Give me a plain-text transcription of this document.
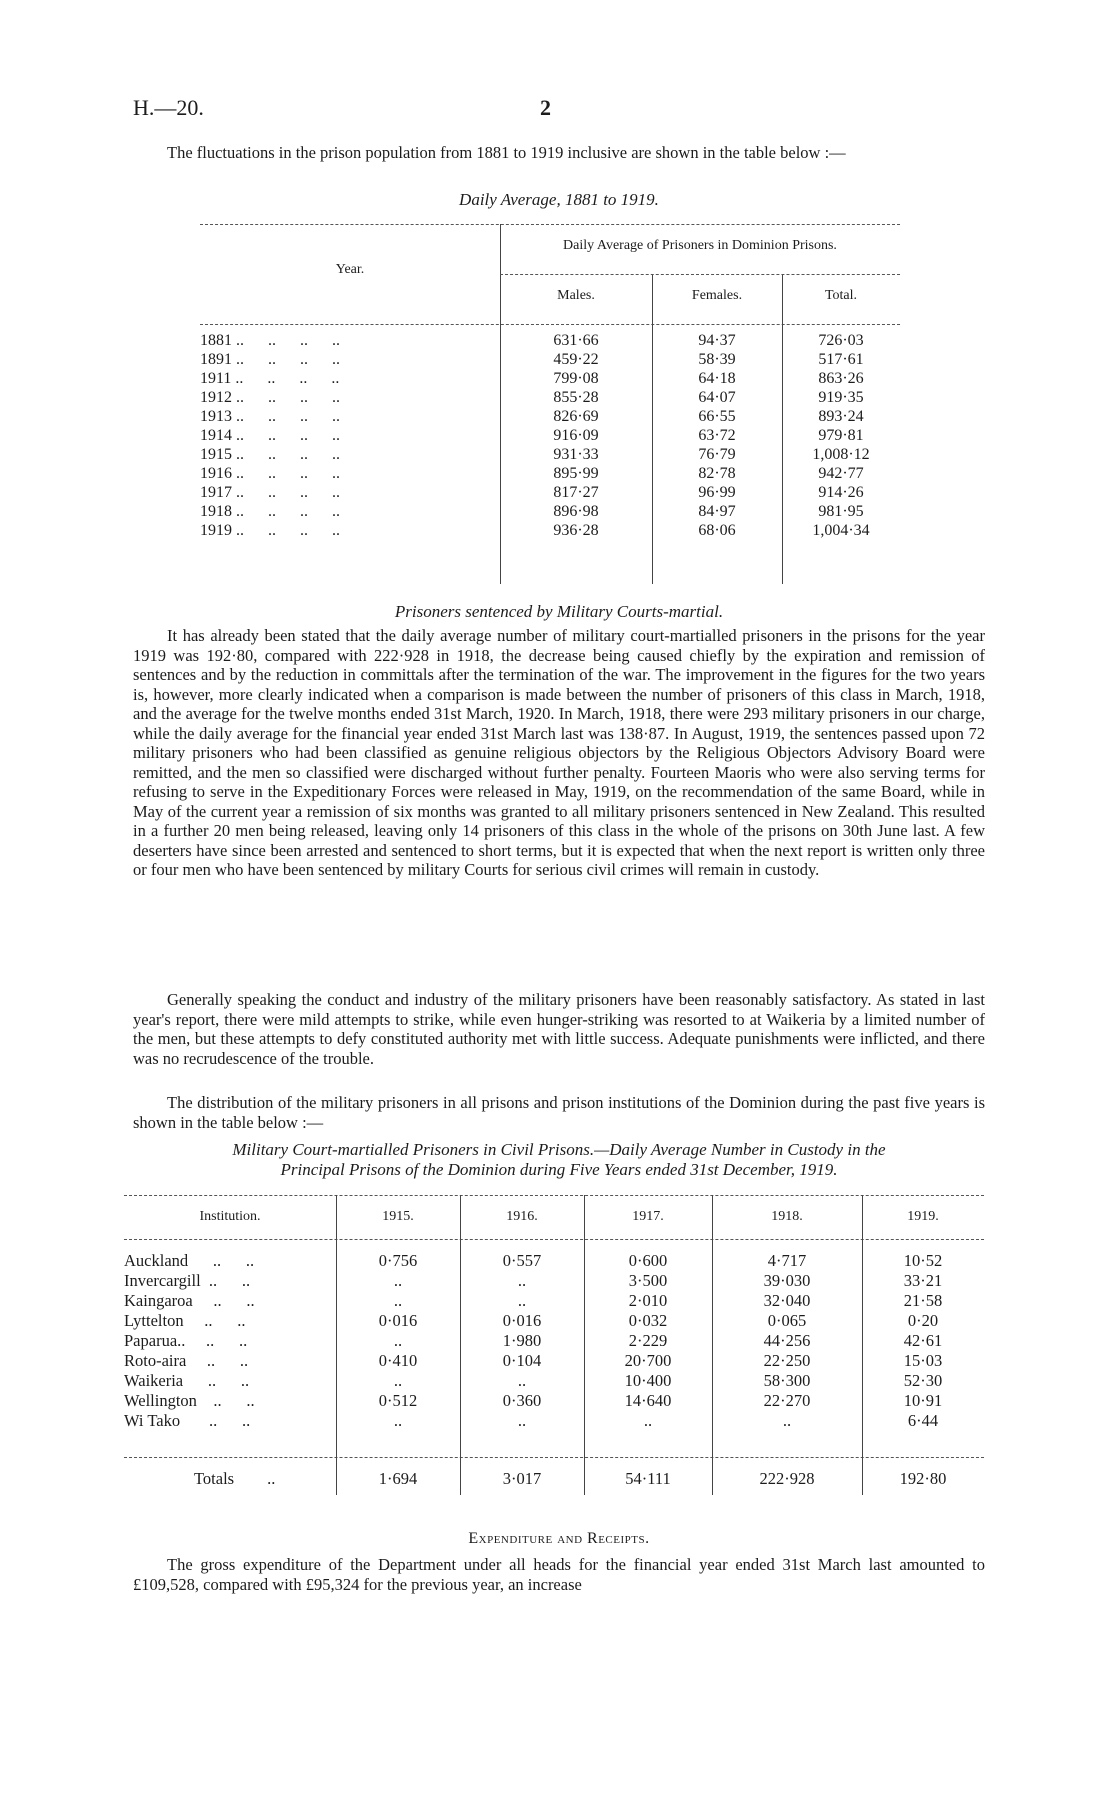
H.—20.	2

The fluctuations in the prison population from 1881 to 1919 inclusive are shown in the table below :—

Daily Average, 1881 to 1919.
Year.
Daily Average of Prisoners in Dominion Prisons.
Males.	Females.	Total.
1881 ..      ..      ..      ..	631·66	94·37	726·03
1891 ..      ..      ..      ..	459·22	58·39	517·61
1911 ..      ..      ..      ..	799·08	64·18	863·26
1912 ..      ..      ..      ..	855·28	64·07	919·35
1913 ..      ..      ..      ..	826·69	66·55	893·24
1914 ..      ..      ..      ..	916·09	63·72	979·81
1915 ..      ..      ..      ..	931·33	76·79	1,008·12
1916 ..      ..      ..      ..	895·99	82·78	942·77
1917 ..      ..      ..      ..	817·27	96·99	914·26
1918 ..      ..      ..      ..	896·98	84·97	981·95
1919 ..      ..      ..      ..	936·28	68·06	1,004·34
Prisoners sentenced by Military Courts-martial.

It has already been stated that the daily average number of military court-martialled prisoners in the prisons for the year 1919 was 192·80, compared with 222·928 in 1918, the decrease being caused chiefly by the expiration and remission of sentences and by the reduction in committals after the termination of the war. The improvement in the figures for the two years is, however, more clearly indicated when a comparison is made between the number of prisoners of this class in March, 1918, and the average for the twelve months ended 31st March, 1920. In March, 1918, there were 293 military prisoners in our charge, while the daily average for the financial year ended 31st March last was 138·87. In August, 1919, the sentences passed upon 72 military prisoners who had been classified as genuine religious objectors by the Religious Objectors Advisory Board were remitted, and the men so classified were discharged without further penalty. Fourteen Maoris who were also serving terms for refusing to serve in the Expeditionary Forces were released in May, 1919, on the recommendation of the same Board, while in May of the current year a remission of six months was granted to all military prisoners sentenced in New Zealand. This resulted in a further 20 men being released, leaving only 14 prisoners of this class in the whole of the prisons on 30th June last. A few deserters have since been arrested and sentenced to short terms, but it is expected that when the next report is written only three or four men who have been sentenced by military Courts for serious civil crimes will remain in custody.

Generally speaking the conduct and industry of the military prisoners have been reasonably satisfactory. As stated in last year's report, there were mild attempts to strike, while even hunger-striking was resorted to at Waikeria by a limited number of the men, but these attempts to defy constituted authority met with little success. Adequate punishments were inflicted, and there was no recrudescence of the trouble.

The distribution of the military prisoners in all prisons and prison institutions of the Dominion during the past five years is shown in the table below :—

Military Court-martialled Prisoners in Civil Prisons.—Daily Average Number in Custody in the
Principal Prisons of the Dominion during Five Years ended 31st December, 1919.
Institution.	1915.	1916.	1917.	1918.	1919.
Auckland      ..      ..	0·756	0·557	0·600	4·717	10·52
Invercargill  ..      ..	..	..	3·500	39·030	33·21
Kaingaroa     ..      ..	..	..	2·010	32·040	21·58
Lyttelton     ..      ..	0·016	0·016	0·032	0·065	0·20
Paparua..     ..      ..	..	1·980	2·229	44·256	42·61
Roto-aira     ..      ..	0·410	0·104	20·700	22·250	15·03
Waikeria      ..      ..	..	..	10·400	58·300	52·30
Wellington    ..      ..	0·512	0·360	14·640	22·270	10·91
Wi Tako       ..      ..	..	..	..	..	6·44
Totals        ..	1·694	3·017	54·111	222·928	192·80
Expenditure and Receipts.

The gross expenditure of the Department under all heads for the financial year ended 31st March last amounted to £109,528, compared with £95,324 for the previous year, an increase
